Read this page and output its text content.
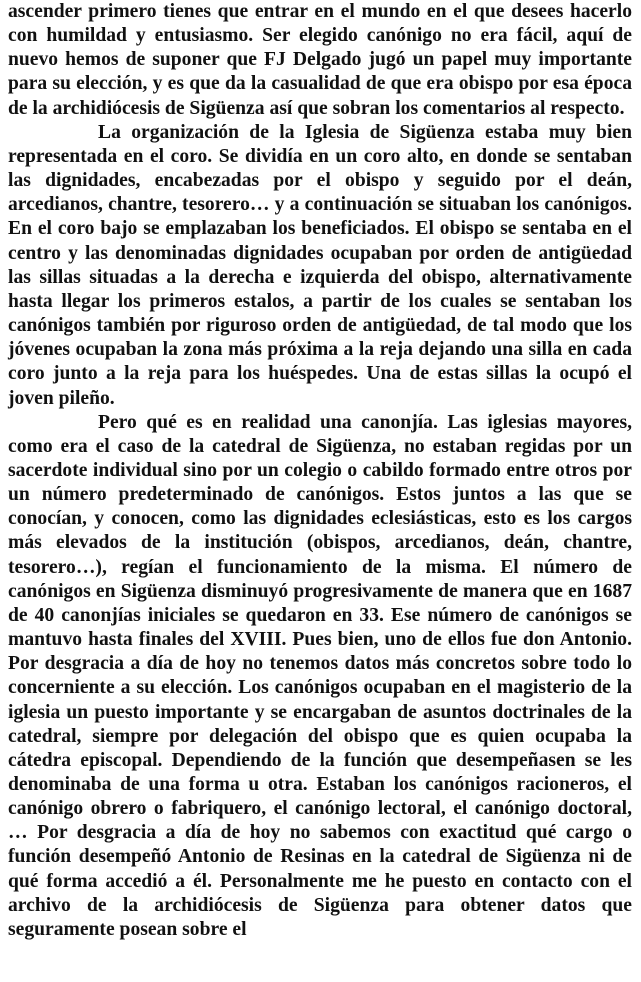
ascender primero tienes que entrar en el mundo en el que desees hacerlo con humildad y entusiasmo. Ser elegido canónigo no era fácil, aquí de nuevo hemos de suponer que FJ Delgado jugó un papel muy importante para su elección, y es que da la casualidad de que era obispo por esa época de la archidiócesis de Sigüenza así que sobran los comentarios al respecto.

La organización de la Iglesia de Sigüenza estaba muy bien representada en el coro. Se dividía en un coro alto, en donde se sentaban las dignidades, encabezadas por el obispo y seguido por el deán, arcedianos, chantre, tesorero… y a continuación se situaban los canónigos. En el coro bajo se emplazaban los beneficiados. El obispo se sentaba en el centro y las denominadas dignidades ocupaban por orden de antigüedad las sillas situadas a la derecha e izquierda del obispo, alternativamente hasta llegar los primeros estalos, a partir de los cuales se sentaban los canónigos también por riguroso orden de antigüedad, de tal modo que los jóvenes ocupaban la zona más próxima a la reja dejando una silla en cada coro junto a la reja para los huéspedes. Una de estas sillas la ocupó el joven pileño.

Pero qué es en realidad una canonjía. Las iglesias mayores, como era el caso de la catedral de Sigüenza, no estaban regidas por un sacerdote individual sino por un colegio o cabildo formado entre otros por un número predeterminado de canónigos. Estos juntos a las que se conocían, y conocen, como las dignidades eclesiásticas, esto es los cargos más elevados de la institución (obispos, arcedianos, deán, chantre, tesorero…), regían el funcionamiento de la misma. El número de canónigos en Sigüenza disminuyó progresivamente de manera que en 1687 de 40 canonjías iniciales se quedaron en 33. Ese número de canónigos se mantuvo hasta finales del XVIII. Pues bien, uno de ellos fue don Antonio. Por desgracia a día de hoy no tenemos datos más concretos sobre todo lo concerniente a su elección. Los canónigos ocupaban en el magisterio de la iglesia un puesto importante y se encargaban de asuntos doctrinales de la catedral, siempre por delegación del obispo que es quien ocupaba la cátedra episcopal. Dependiendo de la función que desempeñasen se les denominaba de una forma u otra. Estaban los canónigos racioneros, el canónigo obrero o fabriquero, el canónigo lectoral, el canónigo doctoral, … Por desgracia a día de hoy no sabemos con exactitud qué cargo o función desempeñó Antonio de Resinas en la catedral de Sigüenza ni de qué forma accedió a él. Personalmente me he puesto en contacto con el archivo de la archidiócesis de Sigüenza para obtener datos que seguramente posean sobre el
